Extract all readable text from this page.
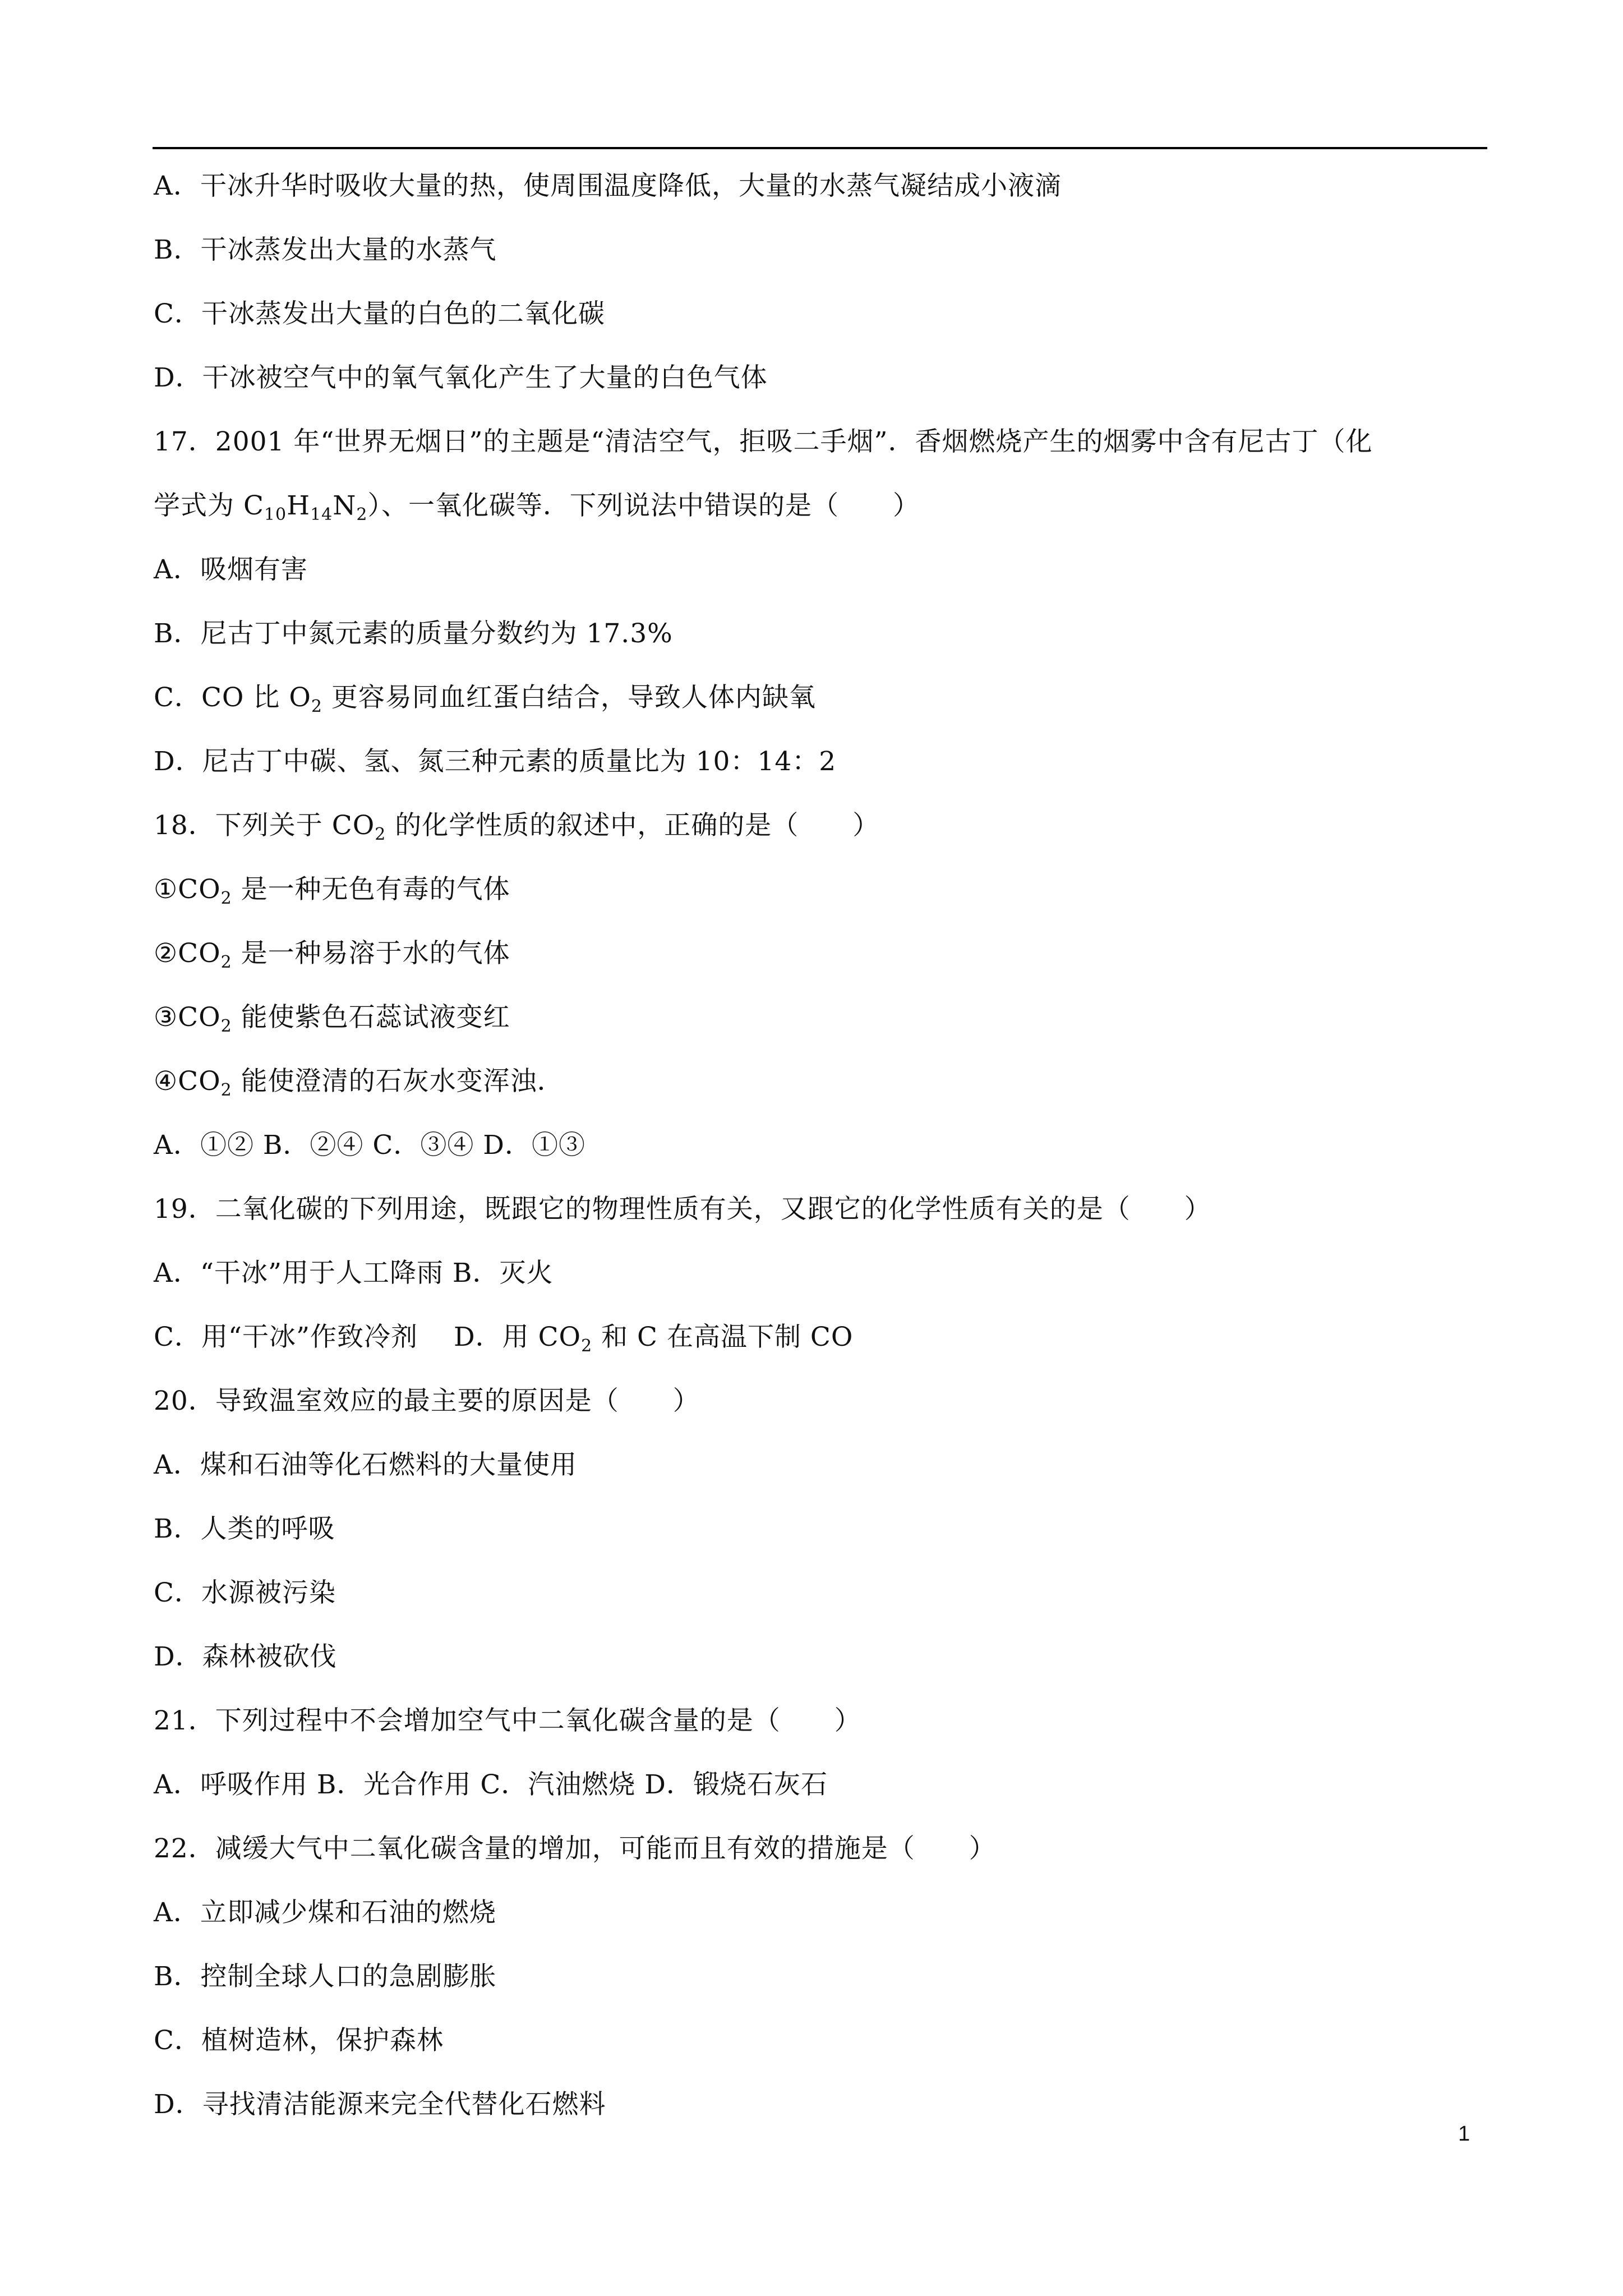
A．干冰升华时吸收大量的热，使周围温度降低，大量的水蒸气凝结成小液滴
B．干冰蒸发出大量的水蒸气
C．干冰蒸发出大量的白色的二氧化碳
D．干冰被空气中的氧气氧化产生了大量的白色气体
17．2001 年“世界无烟日”的主题是“清洁空气，拒吸二手烟”．香烟燃烧产生的烟雾中含有尼古丁（化
学式为 $C_{10}H_{14}N_2$）、一氧化碳等．下列说法中错误的是（　　）
A．吸烟有害
B．尼古丁中氮元素的质量分数约为 17.3%
C．CO 比 $O_2$ 更容易同血红蛋白结合，导致人体内缺氧
D．尼古丁中碳、氢、氮三种元素的质量比为 10：14：2
18．下列关于 $CO_2$ 的化学性质的叙述中，正确的是（　　）
$①CO_2$ 是一种无色有毒的气体
$②CO_2$ 是一种易溶于水的气体
$③CO_2$ 能使紫色石蕊试液变红
$④CO_2$ 能使澄清的石灰水变浑浊．
A．①② B．②④ C．③④ D．①③
19．二氧化碳的下列用途，既跟它的物理性质有关，又跟它的化学性质有关的是（　　）
A．“干冰”用于人工降雨 B．灭火
C．用“干冰”作致冷剂　 D．用 $CO_2$ 和 C 在高温下制 CO
20．导致温室效应的最主要的原因是（　　）
A．煤和石油等化石燃料的大量使用
B．人类的呼吸
C．水源被污染
D．森林被砍伐
21．下列过程中不会增加空气中二氧化碳含量的是（　　）
A．呼吸作用 B．光合作用 C．汽油燃烧 D．锻烧石灰石
22．减缓大气中二氧化碳含量的增加，可能而且有效的措施是（　　）
A．立即减少煤和石油的燃烧
B．控制全球人口的急剧膨胀
C．植树造林，保护森林
D．寻找清洁能源来完全代替化石燃料
1
